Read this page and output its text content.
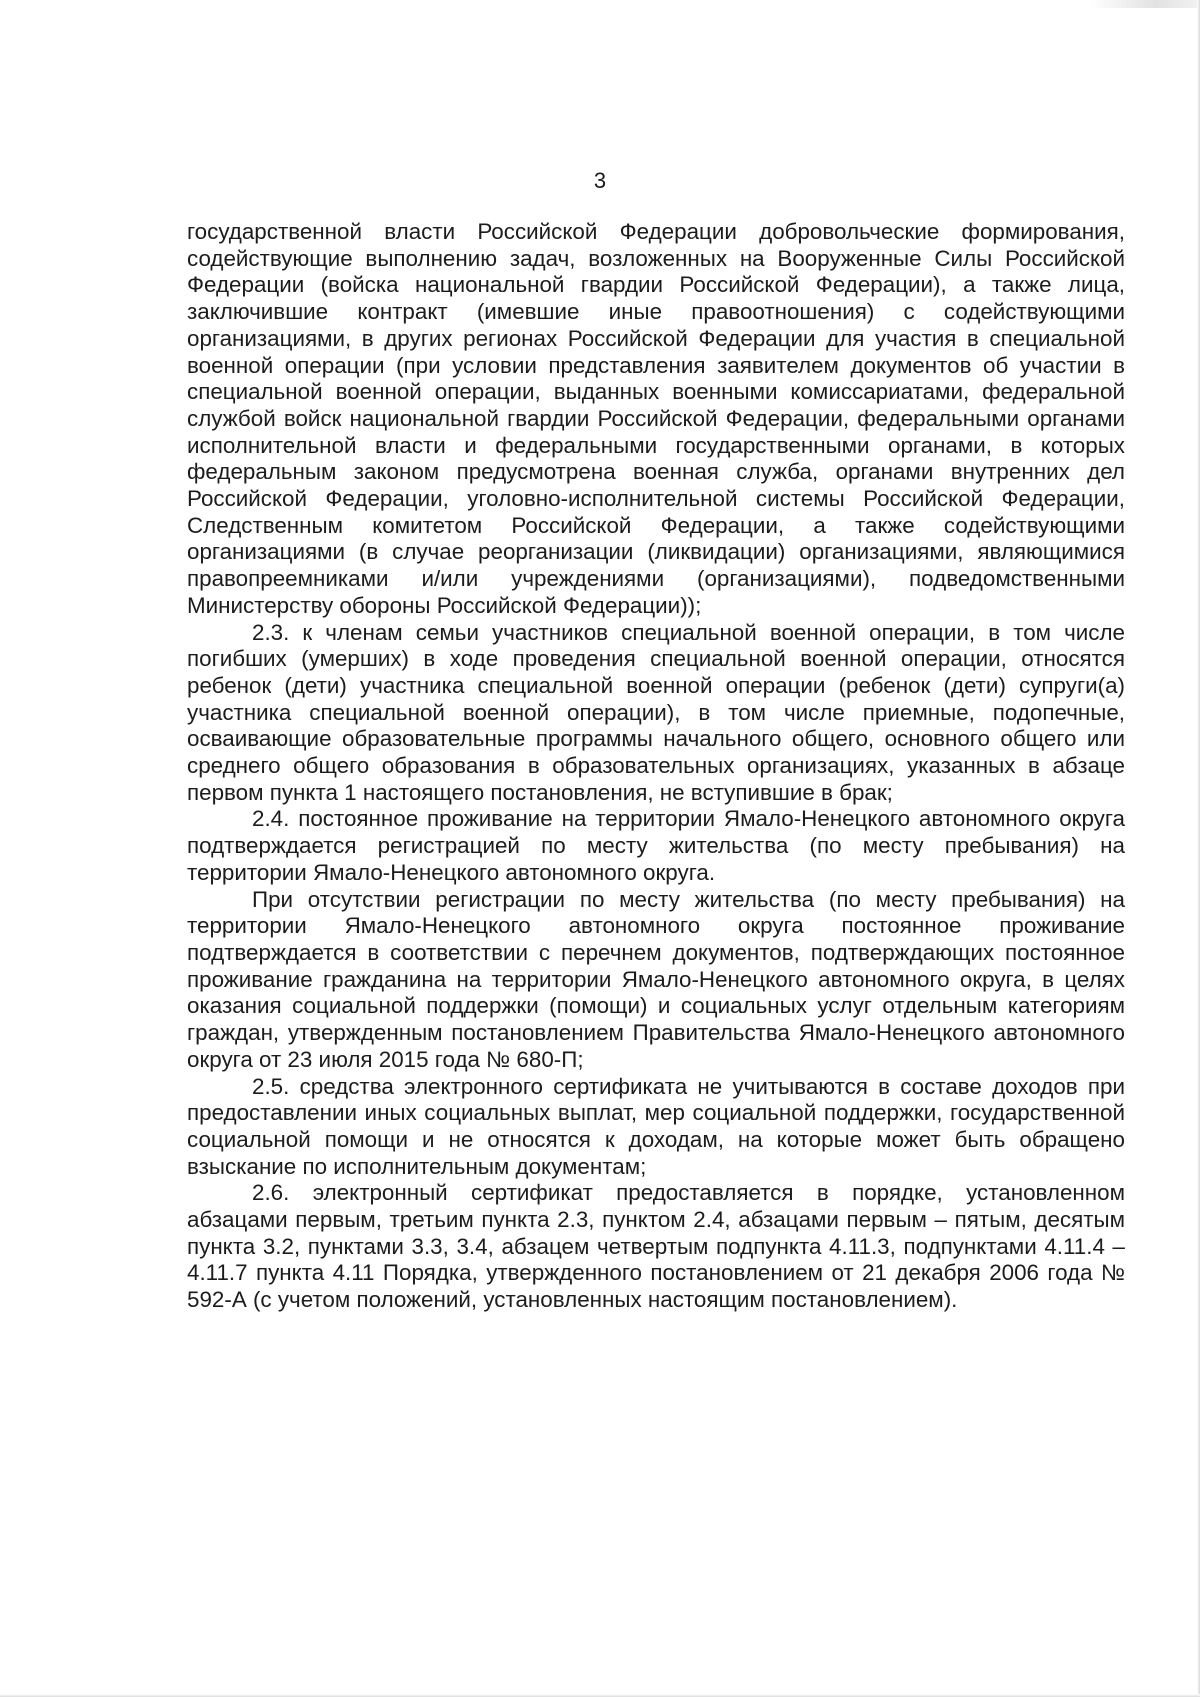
3

государственной власти Российской Федерации добровольческие формирования, содействующие выполнению задач, возложенных на Вооруженные Силы Российской Федерации (войска национальной гвардии Российской Федерации), а также лица, заключившие контракт (имевшие иные правоотношения) с содействующими организациями, в других регионах Российской Федерации для участия в специальной военной операции (при условии представления заявителем документов об участии в специальной военной операции, выданных военными комиссариатами, федеральной службой войск национальной гвардии Российской Федерации, федеральными органами исполнительной власти и федеральными государственными органами, в которых федеральным законом предусмотрена военная служба, органами внутренних дел Российской Федерации, уголовно-исполнительной системы Российской Федерации, Следственным комитетом Российской Федерации, а также содействующими организациями (в случае реорганизации (ликвидации) организациями, являющимися правопреемниками и/или учреждениями (организациями), подведомственными Министерству обороны Российской Федерации));

2.3. к членам семьи участников специальной военной операции, в том числе погибших (умерших) в ходе проведения специальной военной операции, относятся ребенок (дети) участника специальной военной операции (ребенок (дети) супруги(а) участника специальной военной операции), в том числе приемные, подопечные, осваивающие образовательные программы начального общего, основного общего или среднего общего образования в образовательных организациях, указанных в абзаце первом пункта 1 настоящего постановления, не вступившие в брак;

2.4. постоянное проживание на территории Ямало-Ненецкого автономного округа подтверждается регистрацией по месту жительства (по месту пребывания) на территории Ямало-Ненецкого автономного округа.

При отсутствии регистрации по месту жительства (по месту пребывания) на территории Ямало-Ненецкого автономного округа постоянное проживание подтверждается в соответствии с перечнем документов, подтверждающих постоянное проживание гражданина на территории Ямало-Ненецкого автономного округа, в целях оказания социальной поддержки (помощи) и социальных услуг отдельным категориям граждан, утвержденным постановлением Правительства Ямало-Ненецкого автономного округа от 23 июля 2015 года № 680-П;

2.5. средства электронного сертификата не учитываются в составе доходов при предоставлении иных социальных выплат, мер социальной поддержки, государственной социальной помощи и не относятся к доходам, на которые может быть обращено взыскание по исполнительным документам;

2.6. электронный сертификат предоставляется в порядке, установленном абзацами первым, третьим пункта 2.3, пунктом 2.4, абзацами первым – пятым, десятым пункта 3.2, пунктами 3.3, 3.4, абзацем четвертым подпункта 4.11.3, подпунктами 4.11.4 – 4.11.7 пункта 4.11 Порядка, утвержденного постановлением от 21 декабря 2006 года № 592-А (с учетом положений, установленных настоящим постановлением).
